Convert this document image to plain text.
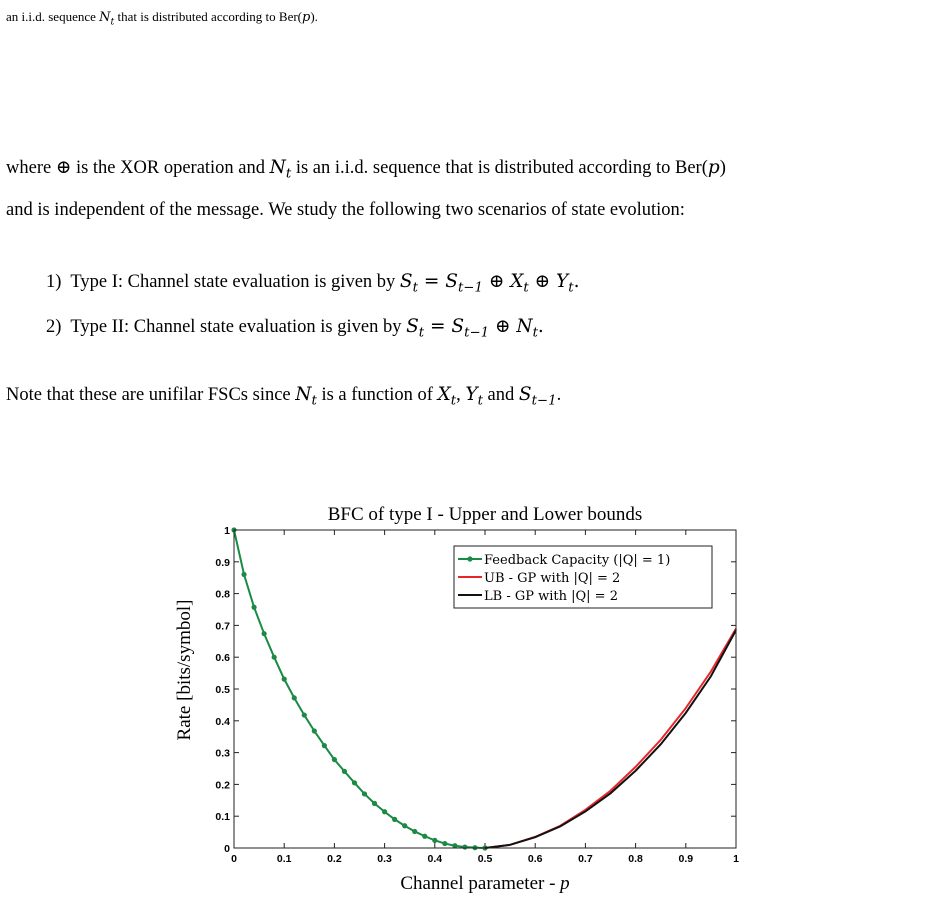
an i.i.d. sequence $N_t$ that is distributed according to Ber(p).
where ⊕ is the XOR operation and $N_t$ is an i.i.d. sequence that is distributed according to Ber(p)
and is independent of the message. We study the following two scenarios of state evolution:
1) Type I: Channel state evaluation is given by $S_t = S_{t-1}$ ⊕ $X_t$ ⊕ $Y_t$.
2) Type II: Channel state evaluation is given by $S_t = S_{t-1}$ ⊕ $N_t$.
Note that these are unifilar FSCs since $N_t$ is a function of $X_t$, $Y_t$ and $S_{t-1}$.
BFC of type I - Upper and Lower bounds
Rate [bits/symbol]
Channel parameter - p
0	0.1	0.2	0.3	0.4	0.5	0.6	0.7	0.8	0.9	1
0
0.1
0.2
0.3
0.4
0.5
0.6
0.7
0.8
0.9
1
Feedback Capacity (|Q| = 1)
UB - GP with |Q| = 2
LB - GP with |Q| = 2
